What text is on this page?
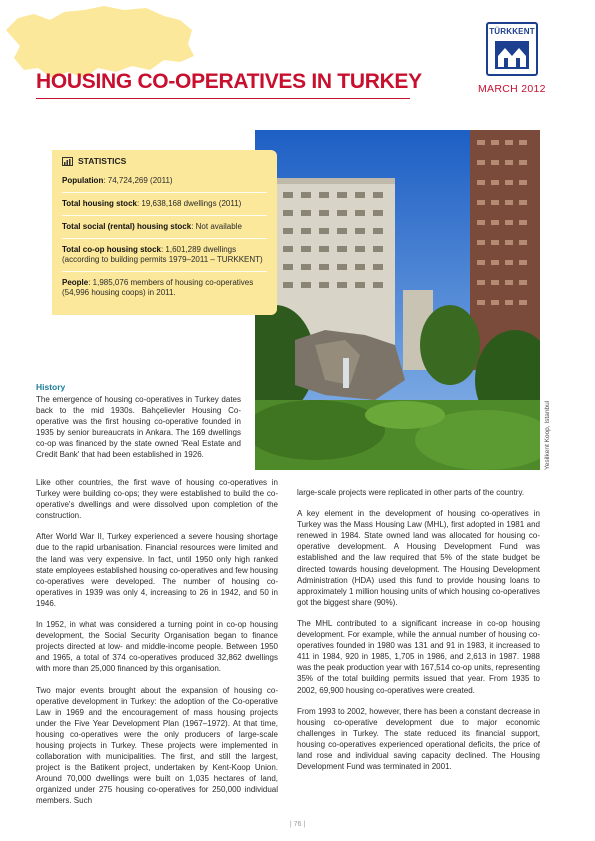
HOUSING CO-OPERATIVES IN TURKEY	MARCH 2012
TÜRKKENT
Yesilkent Koop, Istanbul
STATISTICS
Population: 74,724,269 (2011)
Total housing stock: 19,638,168 dwellings (2011)
Total social (rental) housing stock: Not available
Total co-op housing stock: 1,601,289 dwellings (according to building permits 1979–2011 – TURKKENT)
People: 1,985,076 members of housing co-operatives (54,996 housing coops) in 2011.
History

The emergence of housing co-operatives in Turkey dates back to the mid 1930s. Bahçelievler Housing Co-operative was the first housing co-operative founded in 1935 by senior bureaucrats in Ankara. The 169 dwellings co-op was financed by the state owned 'Real Estate and Credit Bank' that had been established in 1926.

Like other countries, the first wave of housing co-operatives in Turkey were building co-ops; they were established to build the co-operative's dwellings and were dissolved upon completion of the construction.

After World War II, Turkey experienced a severe housing shortage due to the rapid urbanisation. Financial resources were limited and the land was very expensive. In fact, until 1950 only high ranked state employees established housing co-operatives and few housing co-operatives were developed. The number of housing co-operatives in 1939 was only 4, increasing to 26 in 1942, and 50 in 1946.

In 1952, in what was considered a turning point in co-op housing development, the Social Security Organisation began to finance projects directed at low- and middle-income people. Between 1950 and 1965, a total of 374 co-operatives produced 32,862 dwellings with more than 25,000 financed by this organisation.

Two major events brought about the expansion of housing co-operative development in Turkey: the adoption of the Co-operative Law in 1969 and the encouragement of mass housing projects under the Five Year Development Plan (1967–1972). At that time, housing co-operatives were the only producers of large-scale housing projects in Turkey. These projects were implemented in collaboration with municipalities. The first, and still the largest, project is the Batikent project, undertaken by Kent-Koop Union. Around 70,000 dwellings were built on 1,035 hectares of land, organized under 275 housing co-operatives for 250,000 individual members. Such

large-scale projects were replicated in other parts of the country.

A key element in the development of housing co-operatives in Turkey was the Mass Housing Law (MHL), first adopted in 1981 and renewed in 1984. State owned land was allocated for housing co-operative development. A Housing Development Fund was established and the law required that 5% of the state budget be directed towards housing development. The Housing Development Administration (HDA) used this fund to provide housing loans to approximately 1 million housing units of which housing co-operatives got the biggest share (90%).

The MHL contributed to a significant increase in co-op housing development. For example, while the annual number of housing co-operatives founded in 1980 was 131 and 91 in 1983, it increased to 411 in 1984, 920 in 1985, 1,705 in 1986, and 2,613 in 1987. 1988 was the peak production year with 167,514 co-op units, representing 35% of the total building permits issued that year. From 1935 to 2002, 69,900 housing co-operatives were created.

From 1993 to 2002, however, there has been a constant decrease in housing co-operative development due to major economic challenges in Turkey. The state reduced its financial support, housing co-operatives experienced operational deficits, the price of land rose and individual saving capacity declined. The Housing Development Fund was terminated in 2001.

| 76 |
